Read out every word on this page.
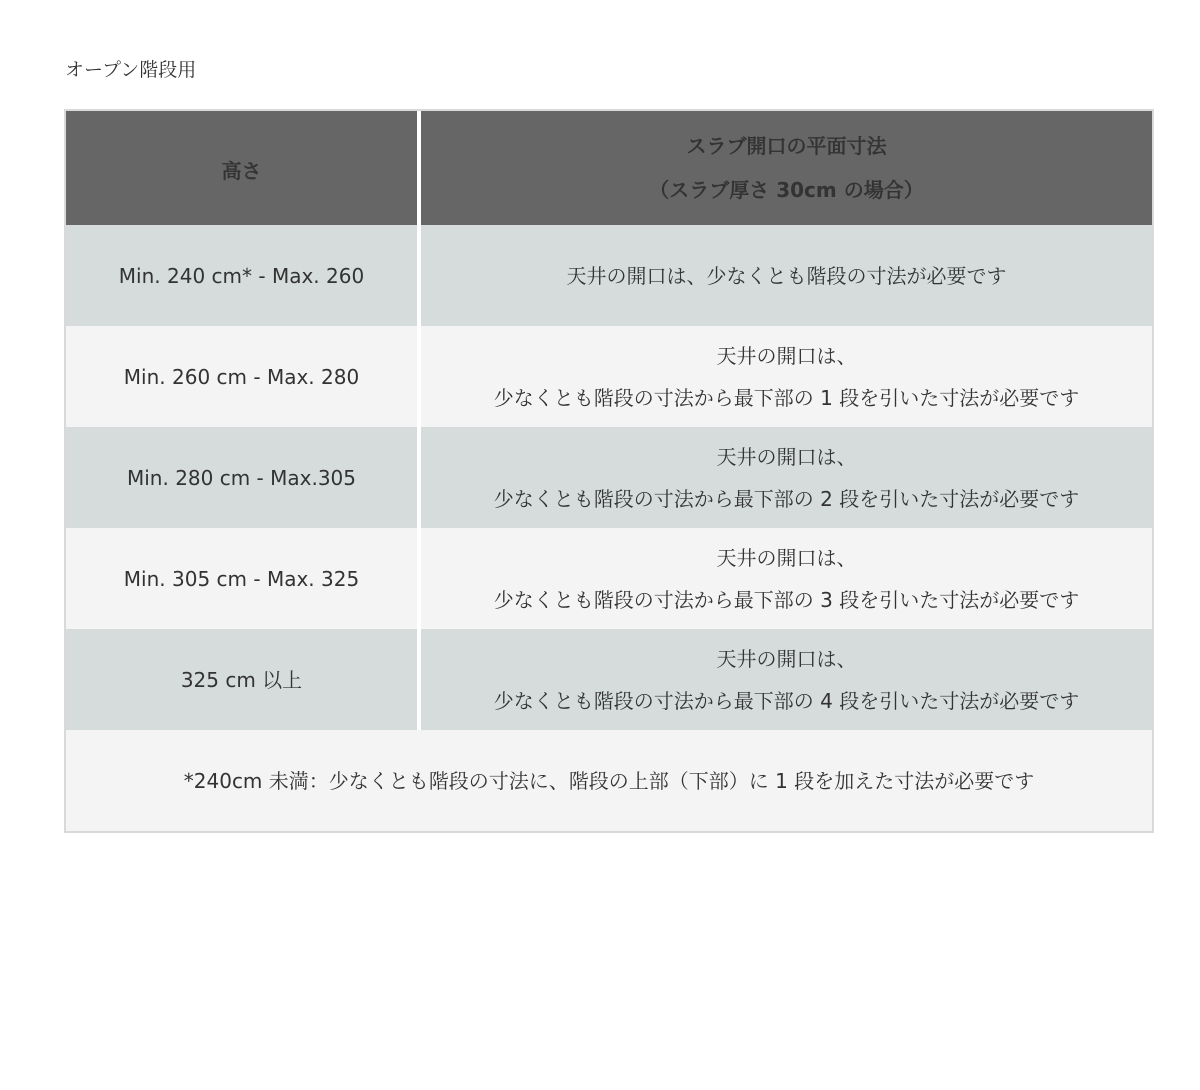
オープン階段用
高さ
スラブ開口の平面寸法
（スラブ厚さ 30cm の場合）
Min. 240 cm* - Max. 260	天井の開口は、少なくとも階段の寸法が必要です
Min. 260 cm - Max. 280
天井の開口は、
少なくとも階段の寸法から最下部の 1 段を引いた寸法が必要です
Min. 280 cm - Max.305
天井の開口は、
少なくとも階段の寸法から最下部の 2 段を引いた寸法が必要です
Min. 305 cm - Max. 325
天井の開口は、
少なくとも階段の寸法から最下部の 3 段を引いた寸法が必要です
325 cm 以上
天井の開口は、
少なくとも階段の寸法から最下部の 4 段を引いた寸法が必要です
*240cm 未満：少なくとも階段の寸法に、階段の上部（下部）に 1 段を加えた寸法が必要です
